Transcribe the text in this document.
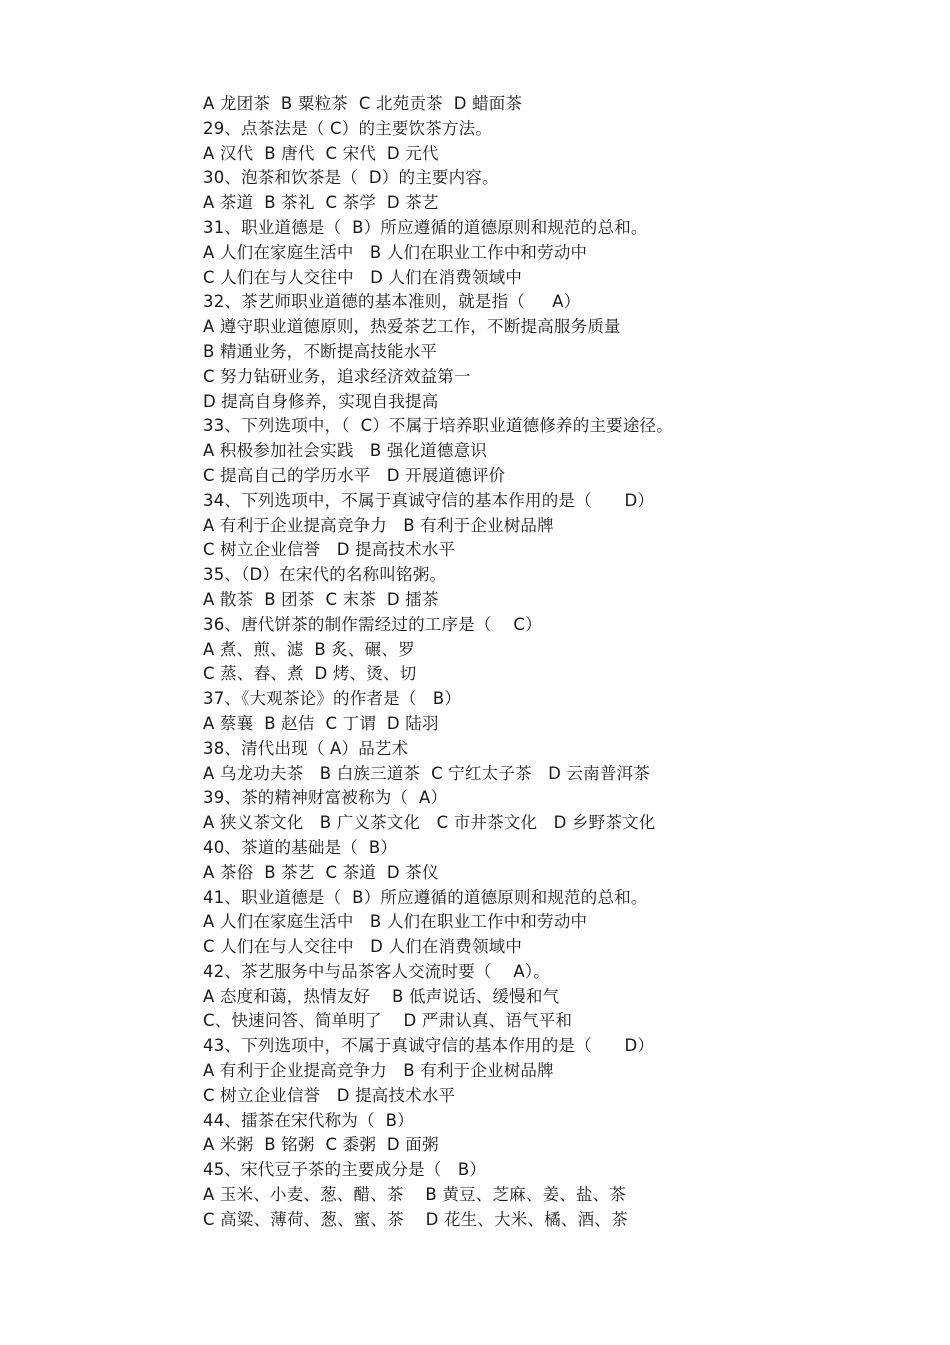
A 龙团茶  B 粟粒茶  C 北苑贡茶  D 蜡面茶
29、点茶法是（ C）的主要饮茶方法。
A 汉代  B 唐代  C 宋代  D 元代
30、泡茶和饮茶是（  D）的主要内容。
A 茶道  B 茶礼  C 茶学  D 茶艺
31、职业道德是（  B）所应遵循的道德原则和规范的总和。
A 人们在家庭生活中   B 人们在职业工作中和劳动中
C 人们在与人交往中   D 人们在消费领域中
32、茶艺师职业道德的基本准则，就是指（     A）
A 遵守职业道德原则，热爱茶艺工作，不断提高服务质量
B 精通业务，不断提高技能水平
C 努力钻研业务，追求经济效益第一
D 提高自身修养，实现自我提高
33、下列选项中，（  C）不属于培养职业道德修养的主要途径。
A 积极参加社会实践   B 强化道德意识
C 提高自己的学历水平   D 开展道德评价
34、下列选项中，不属于真诚守信的基本作用的是（      D）
A 有利于企业提高竞争力   B 有利于企业树品牌
C 树立企业信誉   D 提高技术水平
35、（D）在宋代的名称叫铭粥。
A 散茶  B 团茶  C 末茶  D 擂茶
36、唐代饼茶的制作需经过的工序是（    C）
A 煮、煎、滤  B 炙、碾、罗
C 蒸、舂、煮  D 烤、烫、切
37、《大观茶论》的作者是（   B）
A 蔡襄  B 赵佶  C 丁谓  D 陆羽
38、清代出现（ A）品艺术
A 乌龙功夫茶   B 白族三道茶  C 宁红太子茶   D 云南普洱茶
39、茶的精神财富被称为（  A）
A 狭义茶文化   B 广义茶文化   C 市井茶文化   D 乡野茶文化
40、茶道的基础是（  B）
A 茶俗  B 茶艺  C 茶道  D 茶仪
41、职业道德是（  B）所应遵循的道德原则和规范的总和。
A 人们在家庭生活中   B 人们在职业工作中和劳动中
C 人们在与人交往中   D 人们在消费领域中
42、茶艺服务中与品茶客人交流时要（    A）。
A 态度和蔼，热情友好    B 低声说话、缓慢和气
C、快速问答、简单明了    D 严肃认真、语气平和
43、下列选项中，不属于真诚守信的基本作用的是（      D）
A 有利于企业提高竞争力   B 有利于企业树品牌
C 树立企业信誉   D 提高技术水平
44、擂茶在宋代称为（  B）
A 米粥  B 铭粥  C 黍粥  D 面粥
45、宋代豆子茶的主要成分是（   B）
A 玉米、小麦、葱、醋、茶    B 黄豆、芝麻、姜、盐、茶
C 高粱、薄荷、葱、蜜、茶    D 花生、大米、橘、酒、茶
